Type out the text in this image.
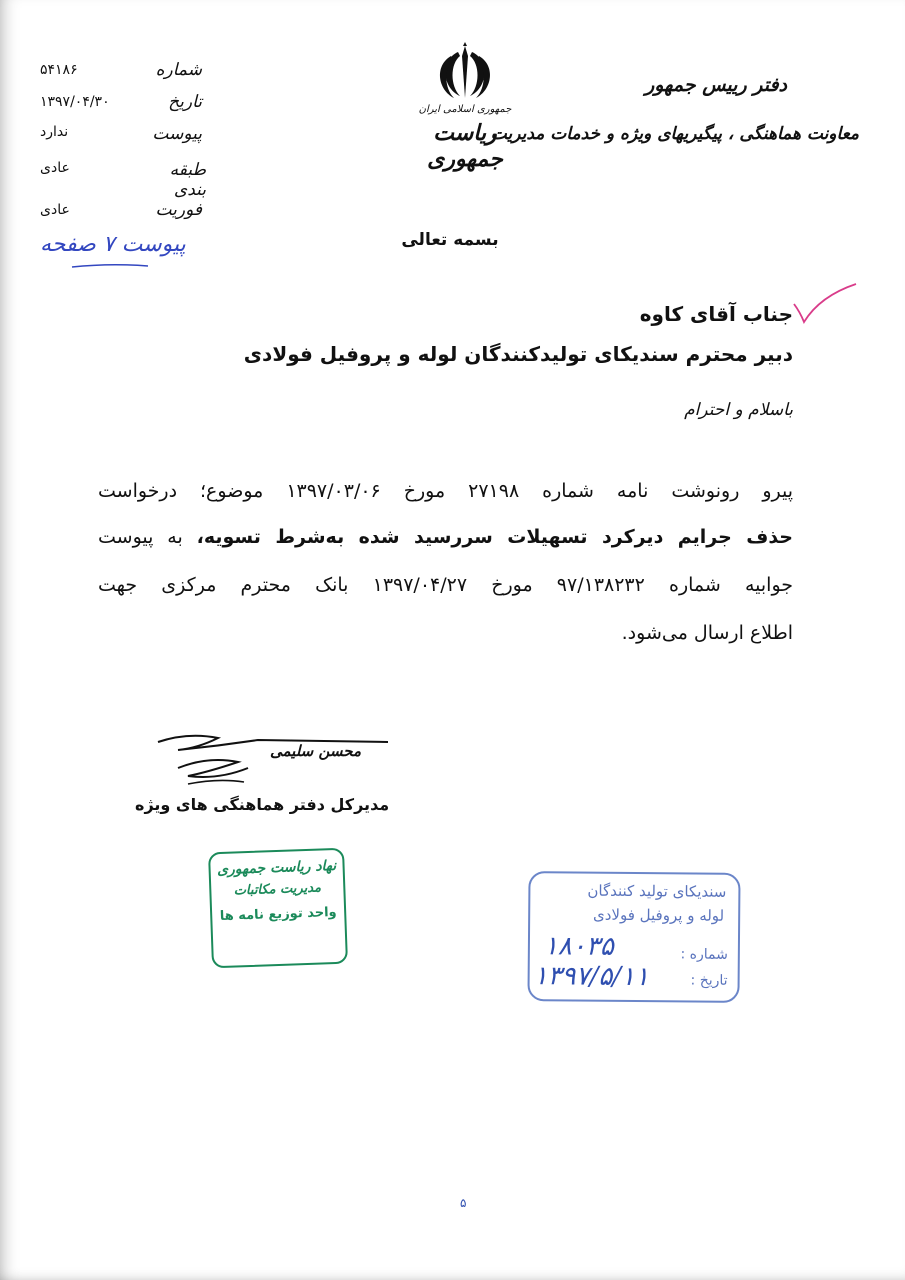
شماره
۵۴۱۸۶
تاریخ
۱۳۹۷/۰۴/۳۰
پیوست
ندارد
طبقه بندی
عادی
فوریت
عادی
پیوست ۷ صفحه
جمهوری اسلامی ایران
ریاست جمهوری
دفتر رییس جمهور
معاونت هماهنگی ، پیگیریهای ویژه و خدمات مدیریت
بسمه تعالی
جناب آقای کاوه
دبیر محترم سندیکای تولیدکنندگان لوله و پروفیل فولادی
باسلام و احترام
پیرو رونوشت نامه شماره ۲۷۱۹۸ مورخ ۱۳۹۷/۰۳/۰۶ موضوع؛ درخواست
حذف جرایم دیرکرد تسهیلات سررسید شده به‌شرط تسویه، به پیوست
جوابیه شماره ۹۷/۱۳۸۲۳۲ مورخ ۱۳۹۷/۰۴/۲۷ بانک محترم مرکزی جهت
اطلاع ارسال می‌شود.
محسن سلیمی
مدیرکل دفتر هماهنگی های ویژه
نهاد ریاست جمهوری
مدیریت مکاتبات
واحد توزیع نامه ها
سندیکای تولید کنندگان
لوله و پروفیل فولادی
شماره :
تاریخ :
۱۸۰۳۵
۱۳۹۷/۵/۱۱
۵
